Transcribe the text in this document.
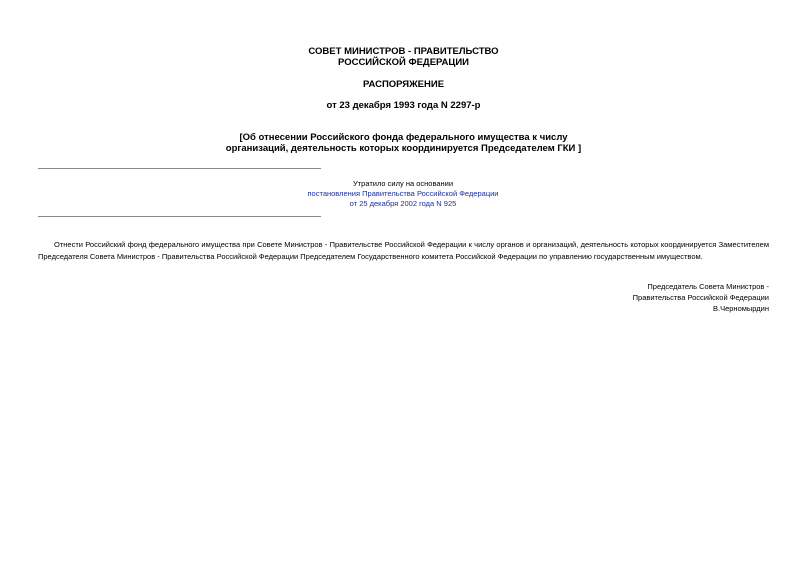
СОВЕТ МИНИСТРОВ - ПРАВИТЕЛЬСТВО
РОССИЙСКОЙ ФЕДЕРАЦИИ
РАСПОРЯЖЕНИЕ
от 23 декабря 1993 года N 2297-р
[Об отнесении Российского фонда федерального имущества к числу
организаций, деятельность которых координируется Председателем ГКИ ]
Утратило силу на основании
постановления Правительства Российской Федерации
от 25 декабря 2002 года N 925
Отнести Российский фонд федерального имущества при Совете Министров - Правительстве Российской Федерации к числу органов и организаций, деятельность которых координируется Заместителем Председателя Совета Министров - Правительства Российской Федерации Председателем Государственного комитета Российской Федерации по управлению государственным имуществом.
Председатель Совета Министров -
Правительства Российской Федерации
В.Черномырдин
